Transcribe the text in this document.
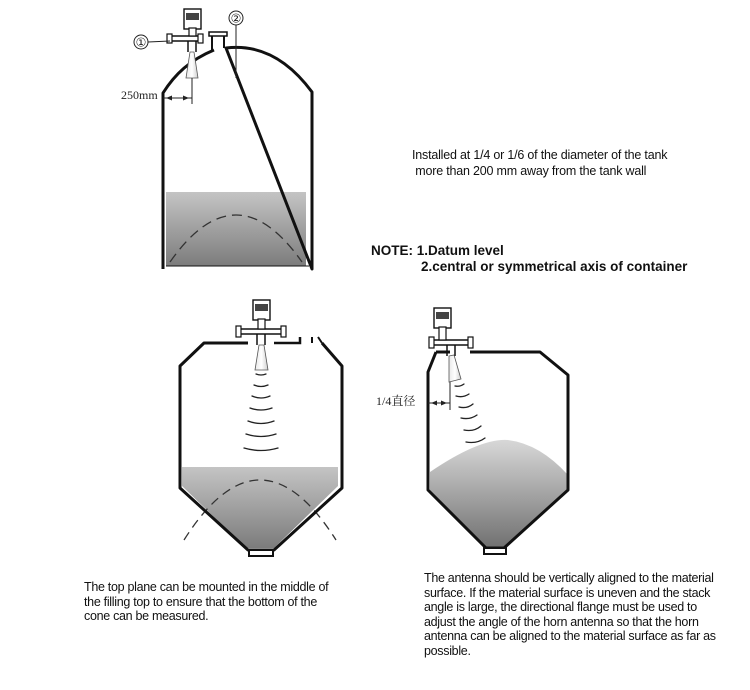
①
②
250mm
1/4直径
Installed at 1/4 or 1/6 of the diameter of the tank
more than 200 mm away from the tank wall
NOTE: 1.Datum level
2.central or symmetrical axis of container
The top plane can be mounted in the middle of the filling top to ensure that the bottom of the cone can be measured.
The antenna should be vertically aligned to the material surface. If the material surface is uneven and the stack angle is large, the directional flange must be used to adjust the angle of the horn antenna so that the horn antenna can be aligned to the material surface as far as possible.
